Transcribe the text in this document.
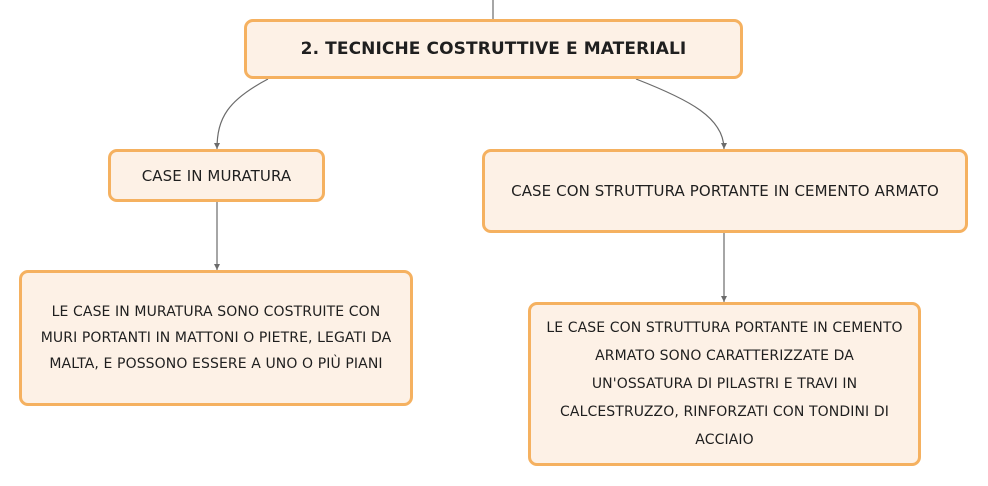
2. TECNICHE COSTRUTTIVE E MATERIALI
CASE IN MURATURA
CASE CON STRUTTURA PORTANTE IN CEMENTO ARMATO
LE CASE IN MURATURA SONO COSTRUITE CON MURI PORTANTI IN MATTONI O PIETRE, LEGATI DA MALTA, E POSSONO ESSERE A UNO O PIÙ PIANI
LE CASE CON STRUTTURA PORTANTE IN CEMENTO ARMATO SONO CARATTERIZZATE DA UN'OSSATURA DI PILASTRI E TRAVI IN CALCESTRUZZO, RINFORZATI CON TONDINI DI ACCIAIO
